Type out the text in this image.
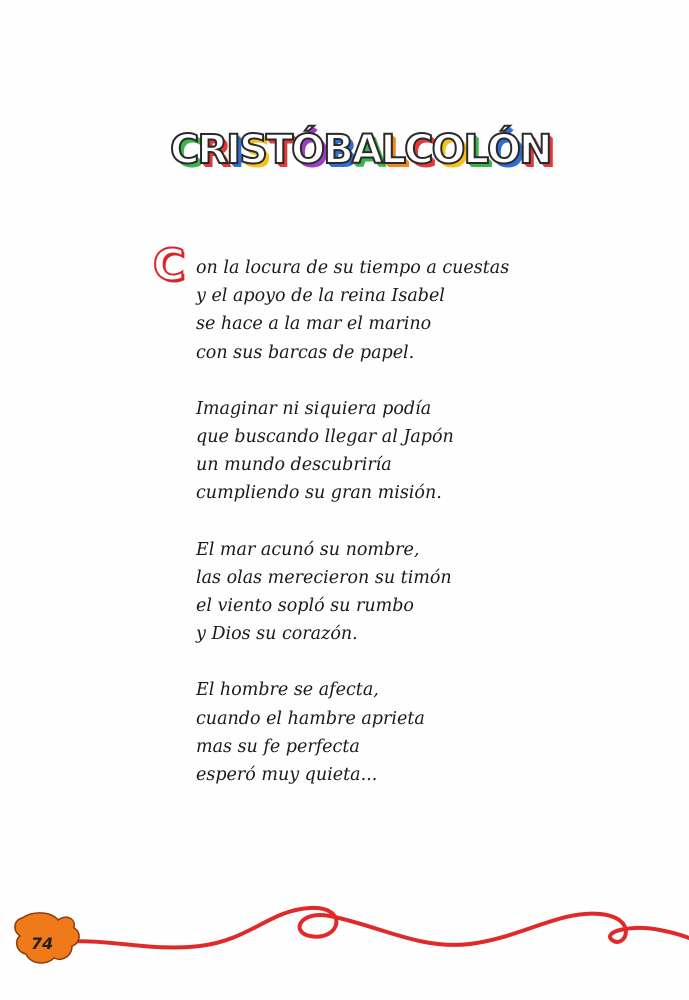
C
R
I
S
T
Ó
B
A
L
C
O
L
Ó
N
C on la locura de su tiempo a cuestas
y el apoyo de la reina Isabel
se hace a la mar el marino
con sus barcas de papel.
Imaginar ni siquiera podía
que buscando llegar al Japón
un mundo descubriría
cumpliendo su gran misión.
El mar acunó su nombre,
las olas merecieron su timón
el viento sopló su rumbo
y Dios su corazón.
El hombre se afecta,
cuando el hambre aprieta
mas su fe perfecta
esperó muy quieta...
74
